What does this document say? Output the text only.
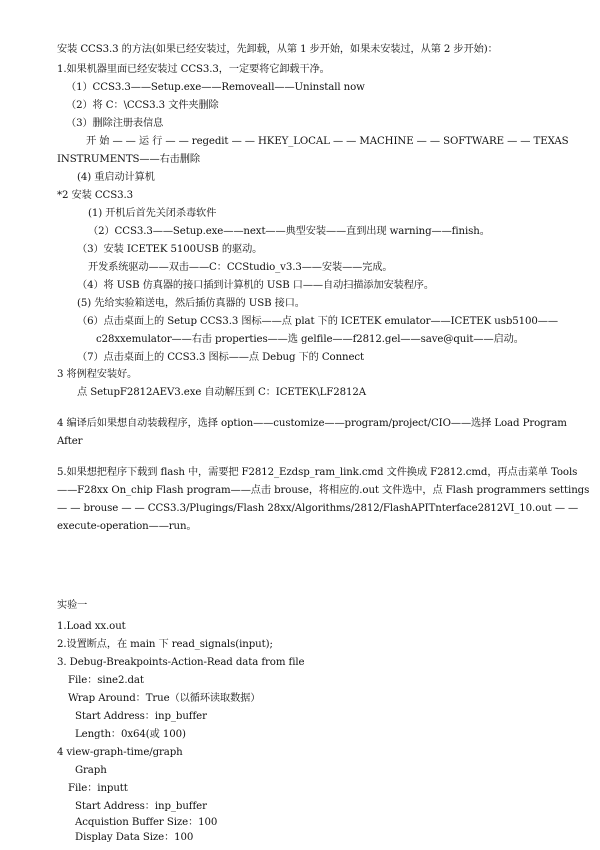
安装 CCS3.3 的方法(如果已经安装过，先卸载，从第 1 步开始，如果未安装过，从第 2 步开始)：
1.如果机器里面已经安装过 CCS3.3，一定要将它卸载干净。
（1）CCS3.3——Setup.exe——Removeall——Uninstall now
（2）将 C：\CCS3.3 文件夹删除
（3）删除注册表信息
开 始 — — 运 行 — — regedit — — HKEY_LOCAL — — MACHINE — — SOFTWARE — — TEXAS
INSTRUMENTS——右击删除
(4) 重启动计算机
*2 安装 CCS3.3
(1) 开机后首先关闭杀毒软件
（2）CCS3.3——Setup.exe——next——典型安装——直到出现 warning——finish。
（3）安装 ICETEK 5100USB 的驱动。
开发系统驱动——双击——C：CCStudio_v3.3——安装——完成。
（4）将 USB 仿真器的接口插到计算机的 USB 口——自动扫描添加安装程序。
(5) 先给实验箱送电，然后插仿真器的 USB 接口。
（6）点击桌面上的 Setup CCS3.3 图标——点 plat 下的 ICETEK emulator——ICETEK usb5100——
c28xxemulator——右击 properties——选 gelfile——f2812.gel——save@quit——启动。
（7）点击桌面上的 CCS3.3 图标——点 Debug 下的 Connect
3 将例程安装好。
点 SetupF2812AEV3.exe 自动解压到 C：ICETEK\LF2812A
4 编译后如果想自动装载程序，选择 option——customize——program/project/CIO——选择 Load Program
After
5.如果想把程序下载到 flash 中，需要把 F2812_Ezdsp_ram_link.cmd 文件换成 F2812.cmd，再点击菜单 Tools
——F28xx On_chip Flash program——点击 brouse，将相应的.out 文件选中，点 Flash programmers settings
— — brouse — — CCS3.3/Plugings/Flash 28xx/Algorithms/2812/FlashAPITnterface2812VI_10.out — —
execute-operation——run。
实验一
1.Load xx.out
2.设置断点，在 main 下 read_signals(input);
3. Debug-Breakpoints-Action-Read data from file
File：sine2.dat
Wrap Around：True（以循环读取数据）
Start Address：inp_buffer
Length：0x64(或 100)
4 view-graph-time/graph
Graph
File：inputt
Start Address：inp_buffer
Acquistion Buffer Size：100
Display Data Size：100
